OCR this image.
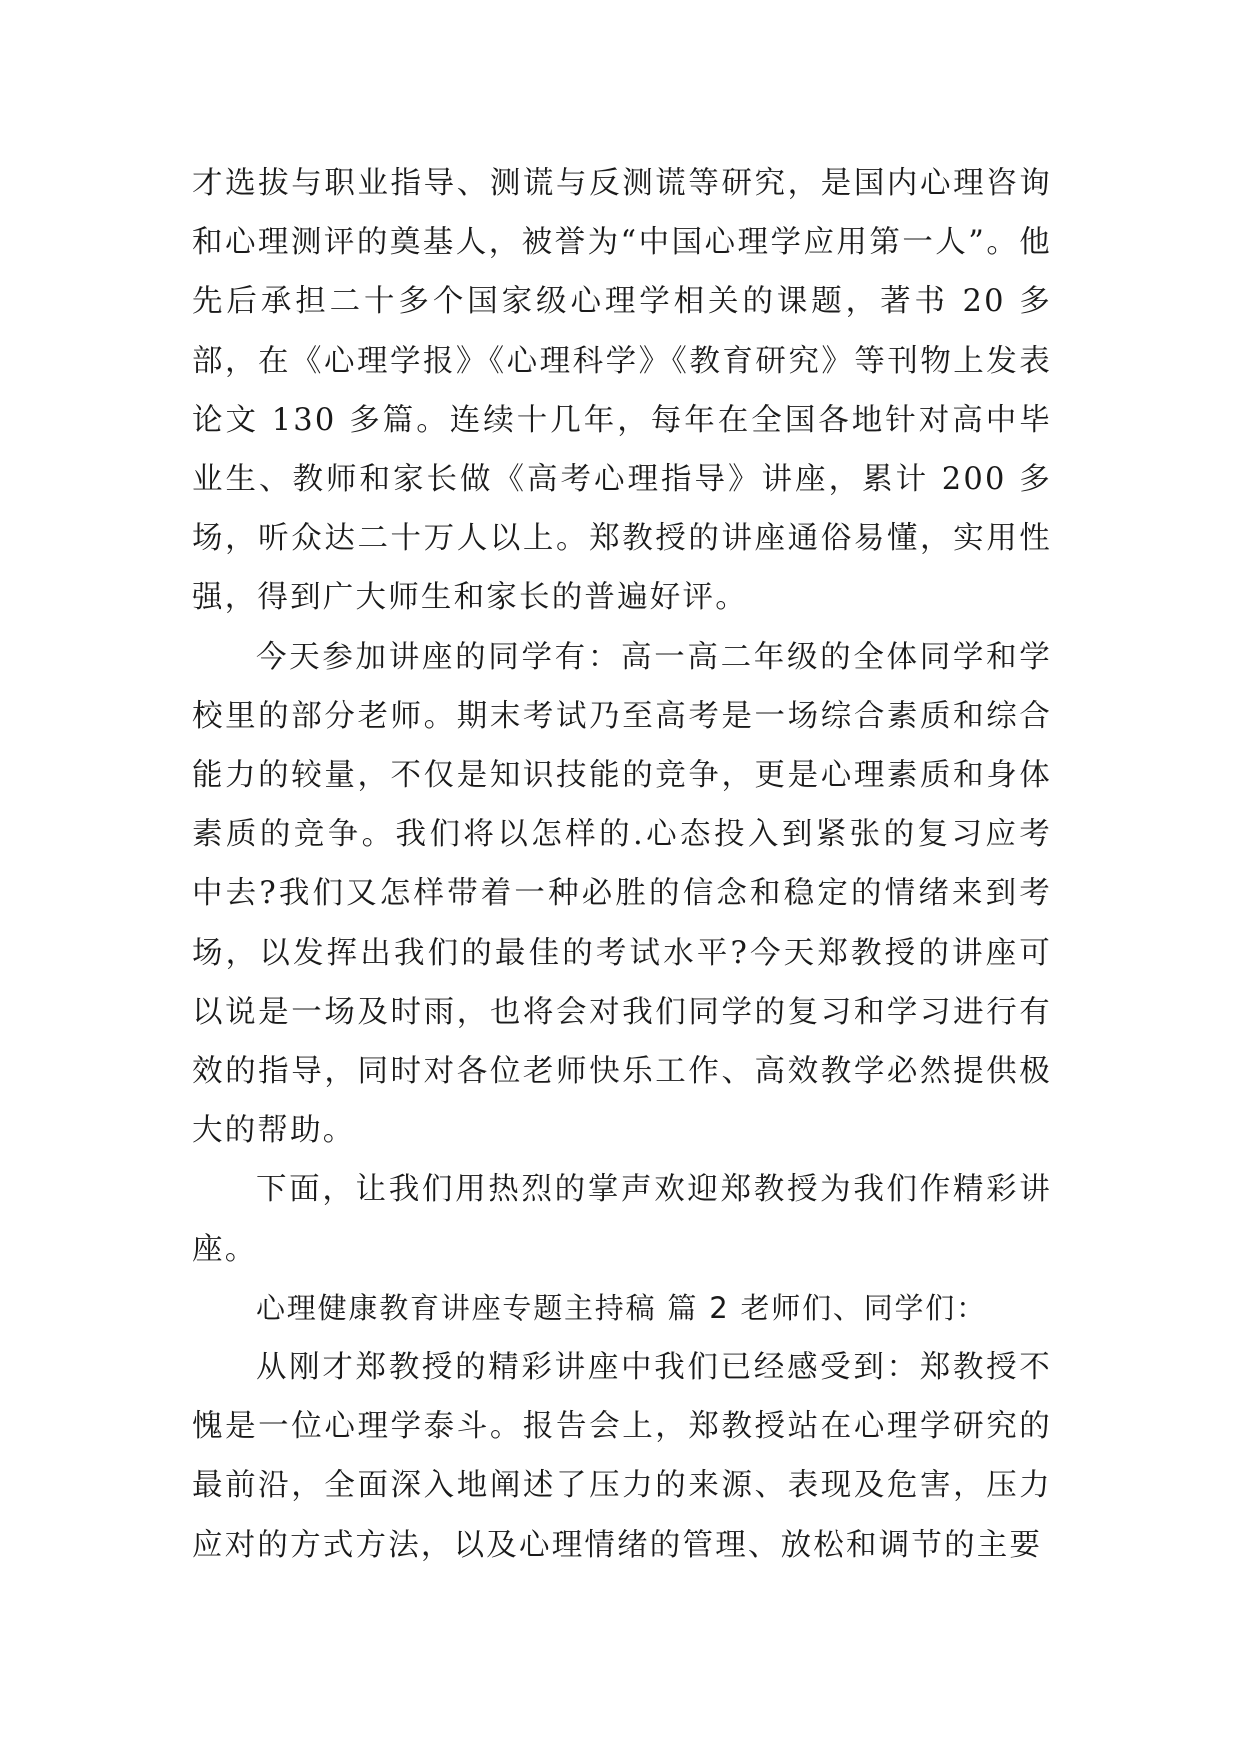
才选拔与职业指导、测谎与反测谎等研究，是国内心理咨询和心理测评的奠基人，被誉为“中国心理学应用第一人”。他先后承担二十多个国家级心理学相关的课题，著书 20 多部，在《心理学报》《心理科学》《教育研究》等刊物上发表论文 130 多篇。连续十几年，每年在全国各地针对高中毕业生、教师和家长做《高考心理指导》讲座，累计 200 多场，听众达二十万人以上。郑教授的讲座通俗易懂，实用性强，得到广大师生和家长的普遍好评。

今天参加讲座的同学有：高一高二年级的全体同学和学校里的部分老师。期末考试乃至高考是一场综合素质和综合能力的较量，不仅是知识技能的竞争，更是心理素质和身体素质的竞争。我们将以怎样的.心态投入到紧张的复习应考中去?我们又怎样带着一种必胜的信念和稳定的情绪来到考场，以发挥出我们的最佳的考试水平?今天郑教授的讲座可以说是一场及时雨，也将会对我们同学的复习和学习进行有效的指导，同时对各位老师快乐工作、高效教学必然提供极大的帮助。

下面，让我们用热烈的掌声欢迎郑教授为我们作精彩讲座。

心理健康教育讲座专题主持稿 篇 2 老师们、同学们：

从刚才郑教授的精彩讲座中我们已经感受到：郑教授不愧是一位心理学泰斗。报告会上，郑教授站在心理学研究的最前沿，全面深入地阐述了压力的来源、表现及危害，压力应对的方式方法，以及心理情绪的管理、放松和调节的主要
